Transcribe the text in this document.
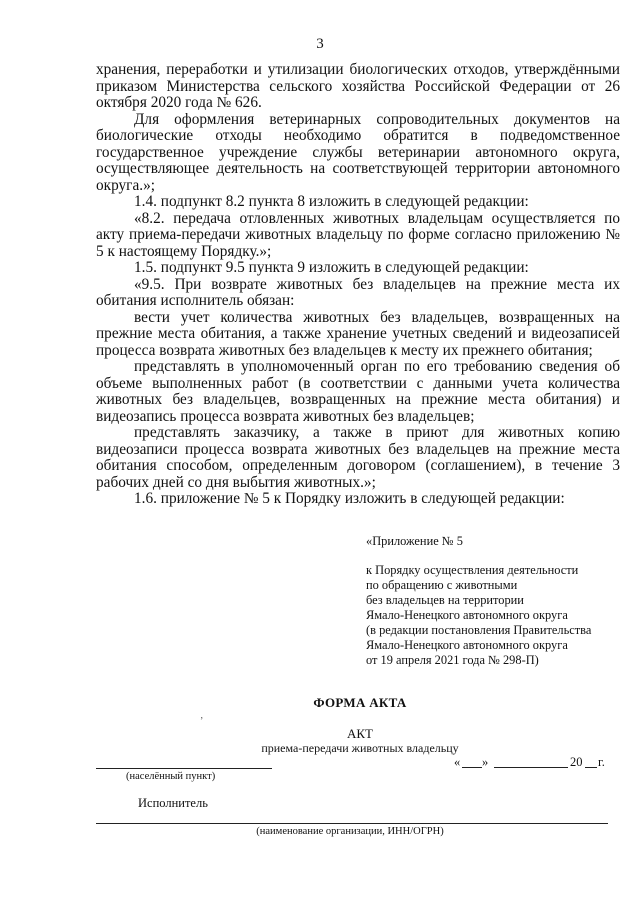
3

хранения, переработки и утилизации биологических отходов, утверждёнными приказом Министерства сельского хозяйства Российской Федерации от 26 октября 2020 года № 626.

Для оформления ветеринарных сопроводительных документов на биологические отходы необходимо обратится в подведомственное государственное учреждение службы ветеринарии автономного округа, осуществляющее деятельность на соответствующей территории автономного округа.»;

1.4. подпункт 8.2 пункта 8 изложить в следующей редакции:

«8.2. передача отловленных животных владельцам осуществляется по акту приема-передачи животных владельцу по форме согласно приложению № 5 к настоящему Порядку.»;

1.5. подпункт 9.5 пункта 9 изложить в следующей редакции:

«9.5. При возврате животных без владельцев на прежние места их обитания исполнитель обязан:

вести учет количества животных без владельцев, возвращенных на прежние места обитания, а также хранение учетных сведений и видеозаписей процесса возврата животных без владельцев к месту их прежнего обитания;

представлять в уполномоченный орган по его требованию сведения об объеме выполненных работ (в соответствии с данными учета количества животных без владельцев, возвращенных на прежние места обитания) и видеозапись процесса возврата животных без владельцев;

представлять заказчику, а также в приют для животных копию видеозаписи процесса возврата животных без владельцев на прежние места обитания способом, определенным договором (соглашением), в течение 3 рабочих дней со дня выбытия животных.»;

1.6. приложение № 5 к Порядку изложить в следующей редакции:

«Приложение № 5
к Порядку осуществления деятельности
по обращению с животными
без владельцев на территории
Ямало-Ненецкого автономного округа
(в редакции постановления Правительства
Ямало-Ненецкого автономного округа
от 19 апреля 2021 года № 298-П)
ФОРМА АКТА
ʼ
АКТ
приема-передачи животных владельцу
(населённый пункт)
« »	20 г.
Исполнитель
(наименование организации, ИНН/ОГРН)
